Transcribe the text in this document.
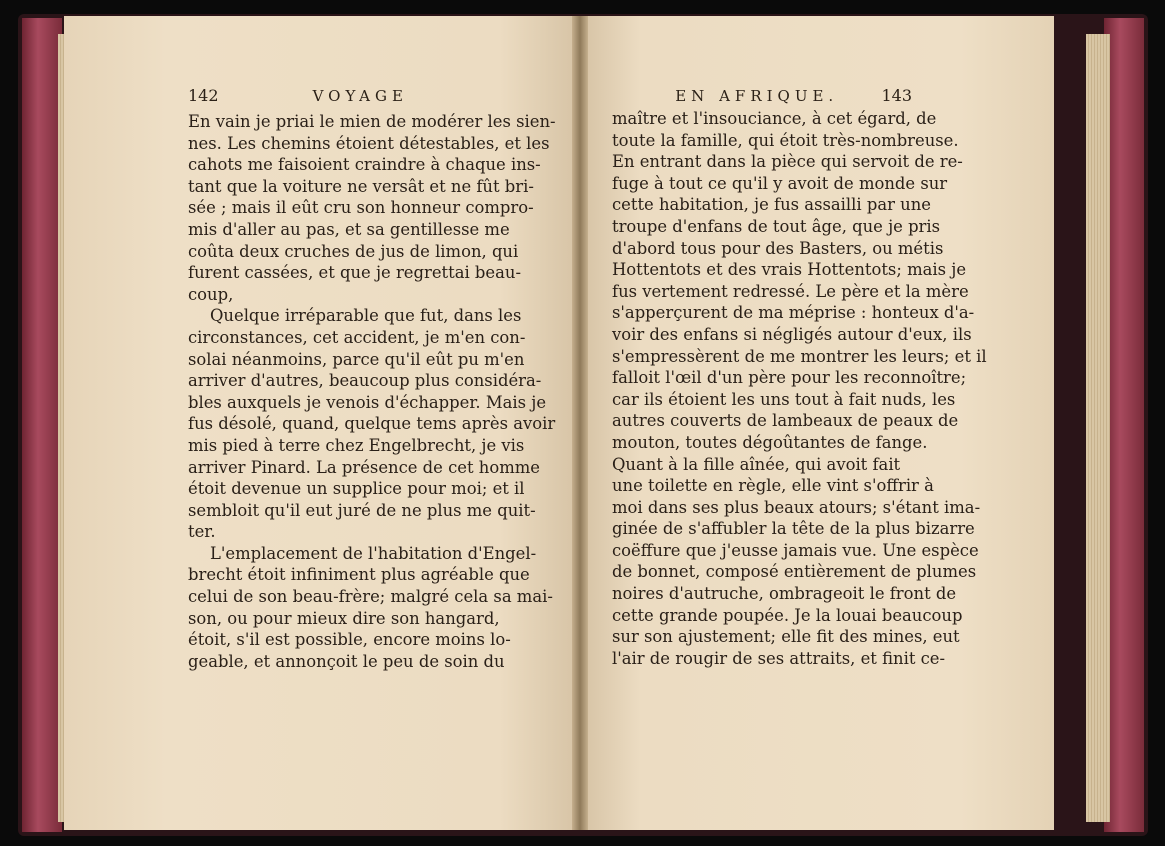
142	VOYAGE	EN AFRIQUE.	143
En vain je priai le mien de modérer les sien-
nes. Les chemins étoient détestables, et les
cahots me faisoient craindre à chaque ins-
tant que la voiture ne versât et ne fût bri-
sée ; mais il eût cru son honneur compro-
mis d'aller au pas, et sa gentillesse me
coûta deux cruches de jus de limon, qui
furent cassées, et que je regrettai beau-
coup,
Quelque irréparable que fut, dans les
circonstances, cet accident, je m'en con-
solai néanmoins, parce qu'il eût pu m'en
arriver d'autres, beaucoup plus considéra-
bles auxquels je venois d'échapper. Mais je
fus désolé, quand, quelque tems après avoir
mis pied à terre chez Engelbrecht, je vis
arriver Pinard. La présence de cet homme
étoit devenue un supplice pour moi; et il
sembloit qu'il eut juré de ne plus me quit-
ter.
L'emplacement de l'habitation d'Engel-
brecht étoit infiniment plus agréable que
celui de son beau-frère; malgré cela sa mai-
son, ou pour mieux dire son hangard,
étoit, s'il est possible, encore moins lo-
geable, et annonçoit le peu de soin du
maître et l'insouciance, à cet égard, de
toute la famille, qui étoit très-nombreuse.
En entrant dans la pièce qui servoit de re-
fuge à tout ce qu'il y avoit de monde sur
cette habitation, je fus assailli par une
troupe d'enfans de tout âge, que je pris
d'abord tous pour des Basters, ou métis
Hottentots et des vrais Hottentots; mais je
fus vertement redressé. Le père et la mère
s'apperçurent de ma méprise : honteux d'a-
voir des enfans si négligés autour d'eux, ils
s'empressèrent de me montrer les leurs; et il
falloit l'œil d'un père pour les reconnoître;
car ils étoient les uns tout à fait nuds, les
autres couverts de lambeaux de peaux de
mouton, toutes dégoûtantes de fange.
Quant à la fille aînée, qui avoit fait
une toilette en règle, elle vint s'offrir à
moi dans ses plus beaux atours; s'étant ima-
ginée de s'affubler la tête de la plus bizarre
coëffure que j'eusse jamais vue. Une espèce
de bonnet, composé entièrement de plumes
noires d'autruche, ombrageoit le front de
cette grande poupée. Je la louai beaucoup
sur son ajustement; elle fit des mines, eut
l'air de rougir de ses attraits, et finit ce-
